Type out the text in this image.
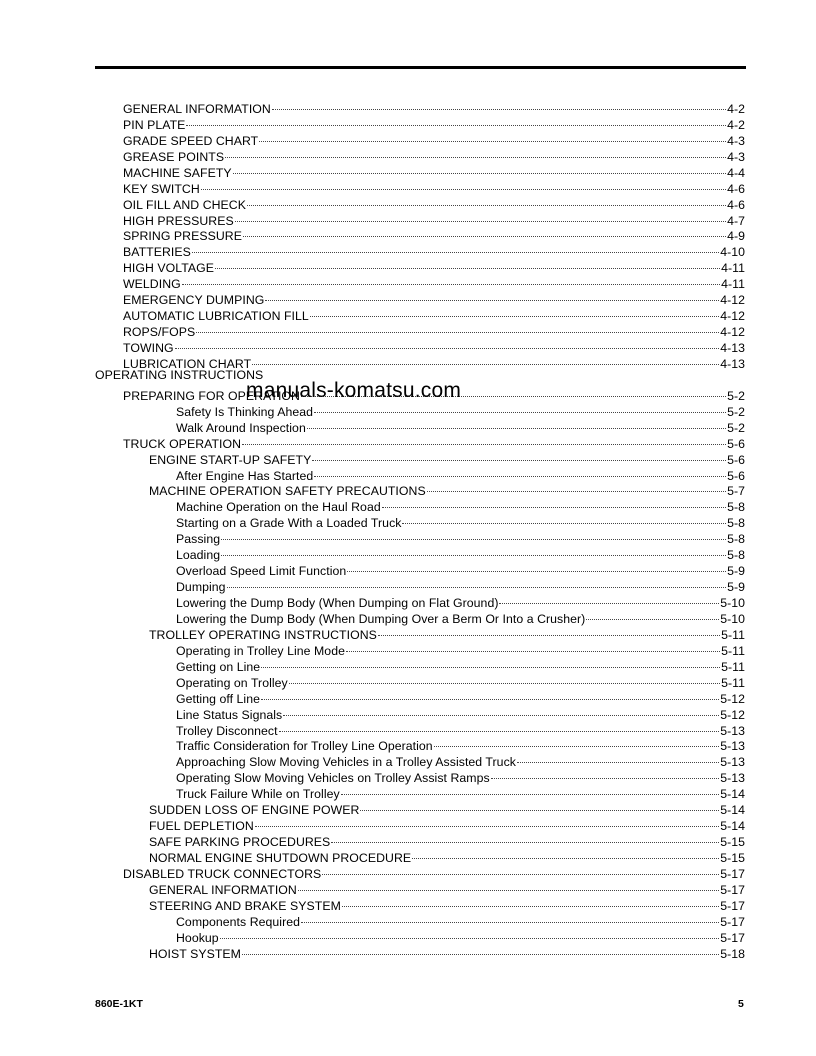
GENERAL INFORMATION	4-2
PIN PLATE	4-2
GRADE SPEED CHART	4-3
GREASE POINTS	4-3
MACHINE SAFETY	4-4
KEY SWITCH	4-6
OIL FILL AND CHECK	4-6
HIGH PRESSURES	4-7
SPRING PRESSURE	4-9
BATTERIES	4-10
HIGH VOLTAGE	4-11
WELDING	4-11
EMERGENCY DUMPING	4-12
AUTOMATIC LUBRICATION FILL	4-12
ROPS/FOPS	4-12
TOWING	4-13
LUBRICATION CHART	4-13
OPERATING INSTRUCTIONS
PREPARING FOR OPERATION	5-2
Safety Is Thinking Ahead	5-2
Walk Around Inspection	5-2
TRUCK OPERATION	5-6
ENGINE START-UP SAFETY	5-6
After Engine Has Started	5-6
MACHINE OPERATION SAFETY PRECAUTIONS	5-7
Machine Operation on the Haul Road	5-8
Starting on a Grade With a Loaded Truck	5-8
Passing	5-8
Loading	5-8
Overload Speed Limit Function	5-9
Dumping	5-9
Lowering the Dump Body (When Dumping on Flat Ground)	5-10
Lowering the Dump Body (When Dumping Over a Berm Or Into a Crusher)	5-10
TROLLEY OPERATING INSTRUCTIONS	5-11
Operating in Trolley Line Mode	5-11
Getting on Line	5-11
Operating on Trolley	5-11
Getting off Line	5-12
Line Status Signals	5-12
Trolley Disconnect	5-13
Traffic Consideration for Trolley Line Operation	5-13
Approaching Slow Moving Vehicles in a Trolley Assisted Truck	5-13
Operating Slow Moving Vehicles on Trolley Assist Ramps	5-13
Truck Failure While on Trolley	5-14
SUDDEN LOSS OF ENGINE POWER	5-14
FUEL DEPLETION	5-14
SAFE PARKING PROCEDURES	5-15
NORMAL ENGINE SHUTDOWN PROCEDURE	5-15
DISABLED TRUCK CONNECTORS	5-17
GENERAL INFORMATION	5-17
STEERING AND BRAKE SYSTEM	5-17
Components Required	5-17
Hookup	5-17
HOIST SYSTEM	5-18
manuals-komatsu.com
860E-1KT	5
